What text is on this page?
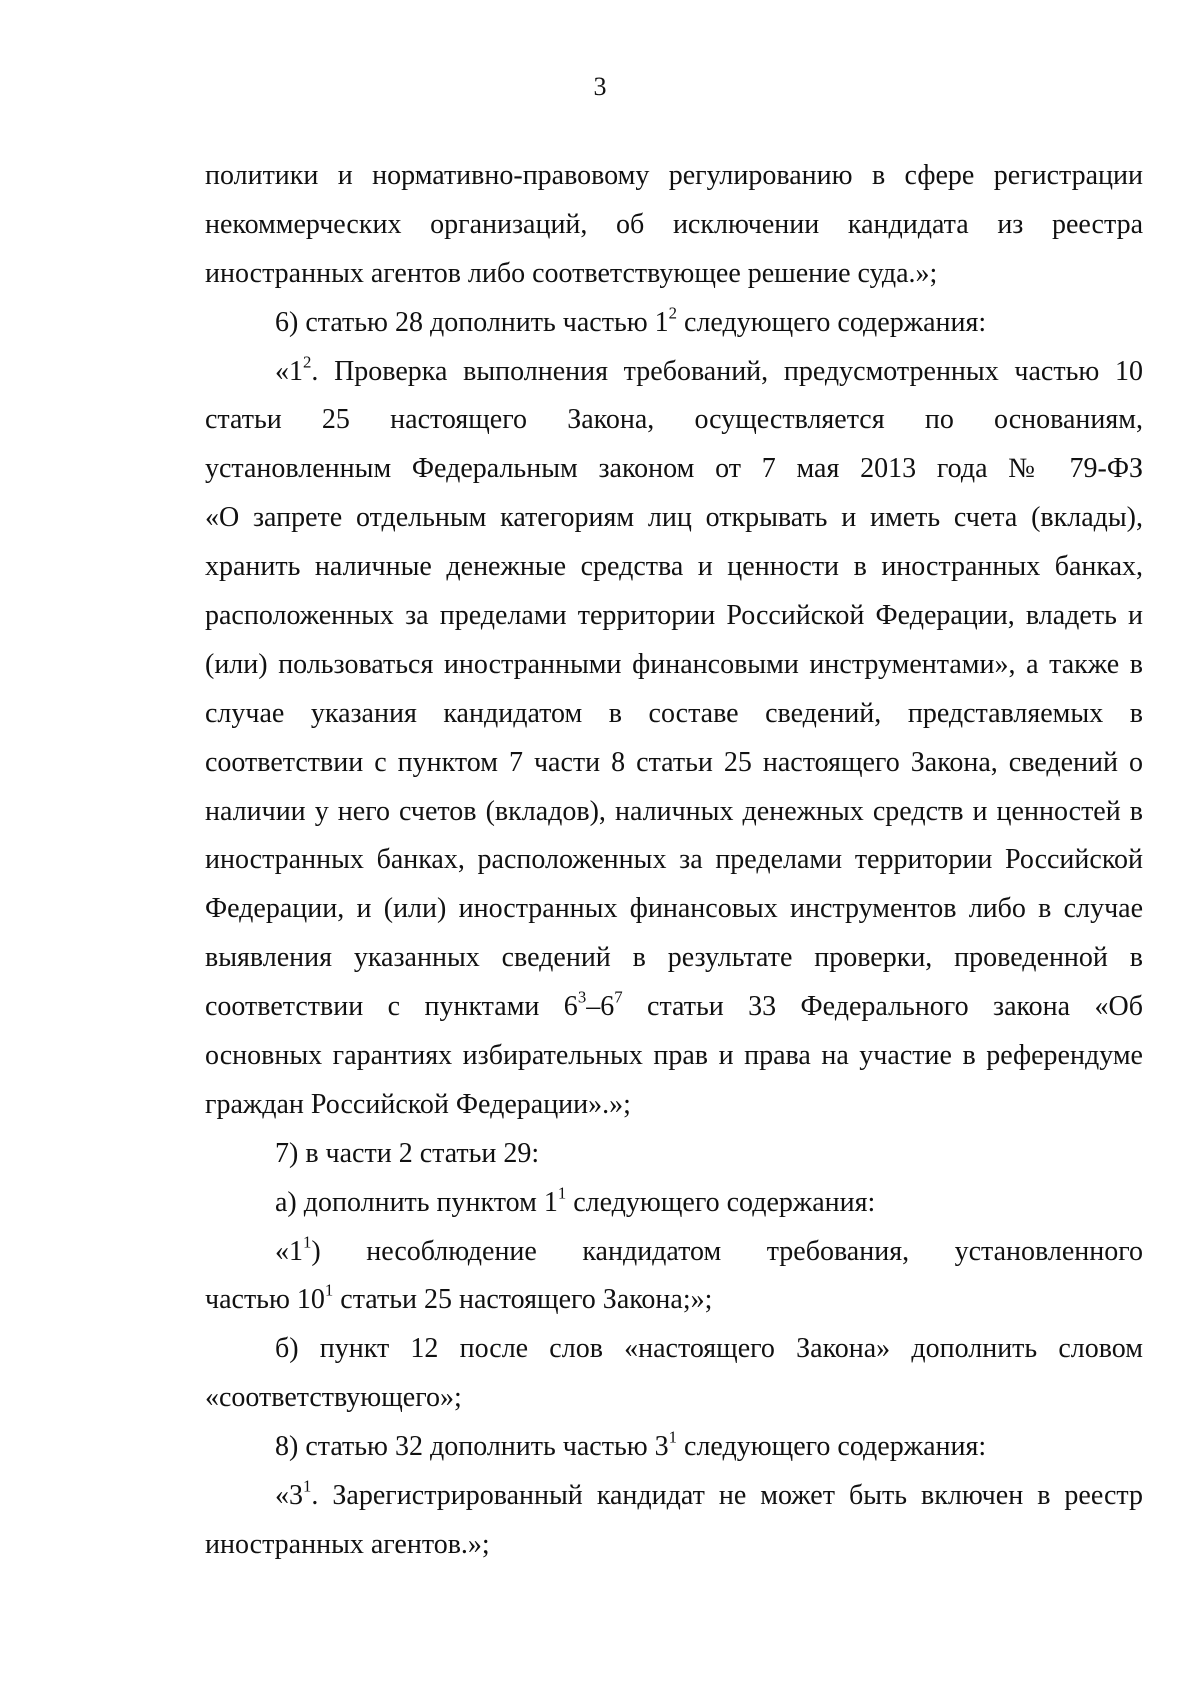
3
политики и нормативно-правовому регулированию в сфере регистрации
некоммерческих организаций, об исключении кандидата из реестра
иностранных агентов либо соответствующее решение суда.»;
6) статью 28 дополнить частью $1^2$ следующего содержания:
«$1^2$. Проверка выполнения требований, предусмотренных частью 10
статьи 25 настоящего Закона, осуществляется по основаниям,
установленным Федеральным законом от 7 мая 2013 года № 79-ФЗ
«О запрете отдельным категориям лиц открывать и иметь счета (вклады),
хранить наличные денежные средства и ценности в иностранных банках,
расположенных за пределами территории Российской Федерации, владеть и
(или) пользоваться иностранными финансовыми инструментами», а также в
случае указания кандидатом в составе сведений, представляемых в
соответствии с пунктом 7 части 8 статьи 25 настоящего Закона, сведений о
наличии у него счетов (вкладов), наличных денежных средств и ценностей в
иностранных банках, расположенных за пределами территории Российской
Федерации, и (или) иностранных финансовых инструментов либо в случае
выявления указанных сведений в результате проверки, проведенной в
соответствии с пунктами $6^3-6^7$ статьи 33 Федерального закона «Об
основных гарантиях избирательных прав и права на участие в референдуме
граждан Российской Федерации».»;
7) в части 2 статьи 29:
а) дополнить пунктом $1^1$ следующего содержания:
«$1^1$) несоблюдение кандидатом требования, установленного
частью $10^1$ статьи 25 настоящего Закона;»;
б) пункт 12 после слов «настоящего Закона» дополнить словом
«соответствующего»;
8) статью 32 дополнить частью $3^1$ следующего содержания:
«$3^1$. Зарегистрированный кандидат не может быть включен в реестр
иностранных агентов.»;
